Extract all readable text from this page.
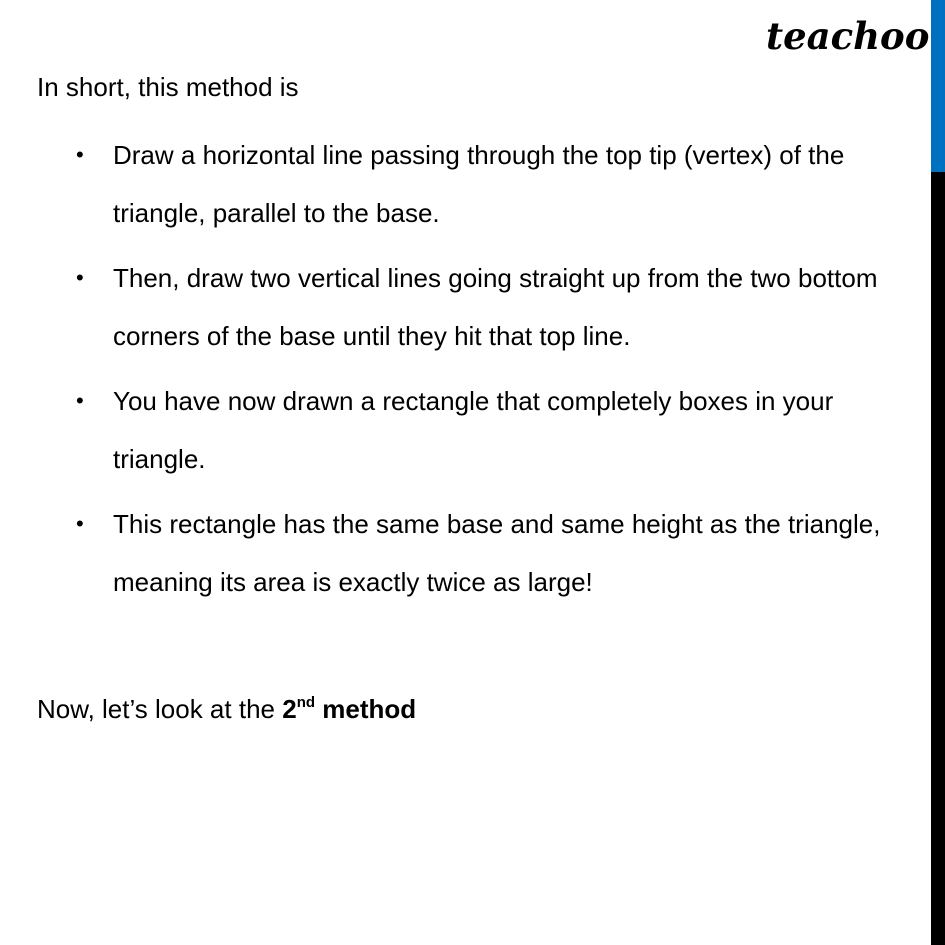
teachoo
In short, this method is
• Draw a horizontal line passing through the top tip (vertex) of the triangle, parallel to the base.
• Then, draw two vertical lines going straight up from the two bottom corners of the base until they hit that top line.
• You have now drawn a rectangle that completely boxes in your triangle.
• This rectangle has the same base and same height as the triangle, meaning its area is exactly twice as large!
Now, let’s look at the 2nd method
